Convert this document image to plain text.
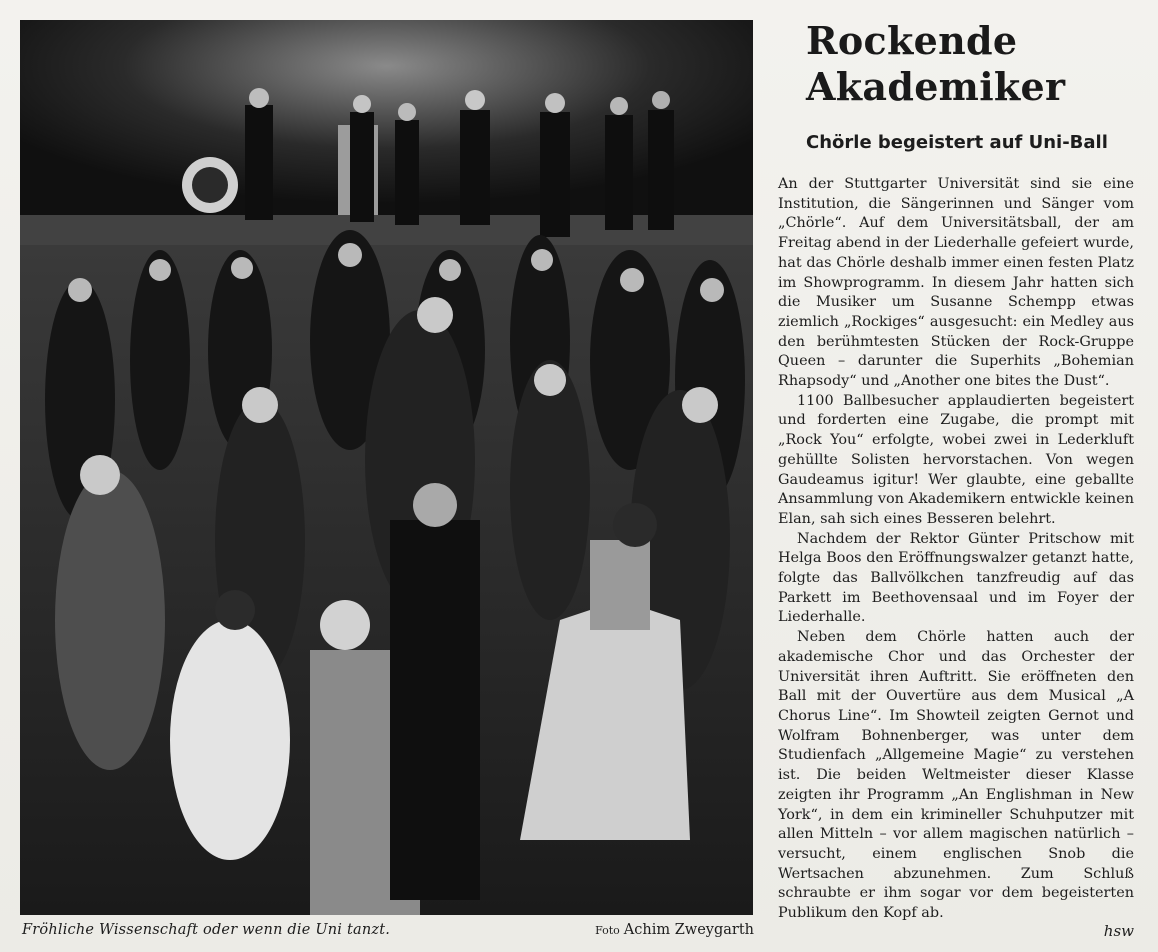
Fröhliche Wissenschaft oder wenn die Uni tanzt.	Foto Achim Zweygarth
Rockende
Akademiker
Chörle begeistert auf Uni-Ball

An der Stuttgarter Universität sind sie eine Institution, die Sängerinnen und Sänger vom „Chörle“. Auf dem Universitätsball, der am Freitag abend in der Liederhalle gefeiert wurde, hat das Chörle deshalb immer einen festen Platz im Showprogramm. In diesem Jahr hatten sich die Musiker um Susanne Schempp etwas ziemlich „Rockiges“ ausgesucht: ein Medley aus den berühmtesten Stücken der Rock-Gruppe Queen – darunter die Superhits „Bohemian Rhapsody“ und „Another one bites the Dust“.

1100 Ballbesucher applaudierten begeistert und forderten eine Zugabe, die prompt mit „Rock You“ erfolgte, wobei zwei in Lederkluft gehüllte Solisten hervorstachen. Von wegen Gaudeamus igitur! Wer glaubte, eine geballte Ansammlung von Akademikern entwickle keinen Elan, sah sich eines Besseren belehrt.

Nachdem der Rektor Günter Pritschow mit Helga Boos den Eröffnungswalzer getanzt hatte, folgte das Ballvölkchen tanzfreudig auf das Parkett im Beethovensaal und im Foyer der Liederhalle.

Neben dem Chörle hatten auch der akademische Chor und das Orchester der Universität ihren Auftritt. Sie eröffneten den Ball mit der Ouvertüre aus dem Musical „A Chorus Line“. Im Showteil zeigten Gernot und Wolfram Bohnenberger, was unter dem Studienfach „Allgemeine Magie“ zu verstehen ist. Die beiden Weltmeister dieser Klasse zeigten ihr Programm „An Englishman in New York“, in dem ein krimineller Schuhputzer mit allen Mitteln – vor allem magischen natürlich – versucht, einem englischen Snob die Wertsachen abzunehmen. Zum Schluß schraubte er ihm sogar vor dem begeisterten Publikum den Kopf ab.

hsw
